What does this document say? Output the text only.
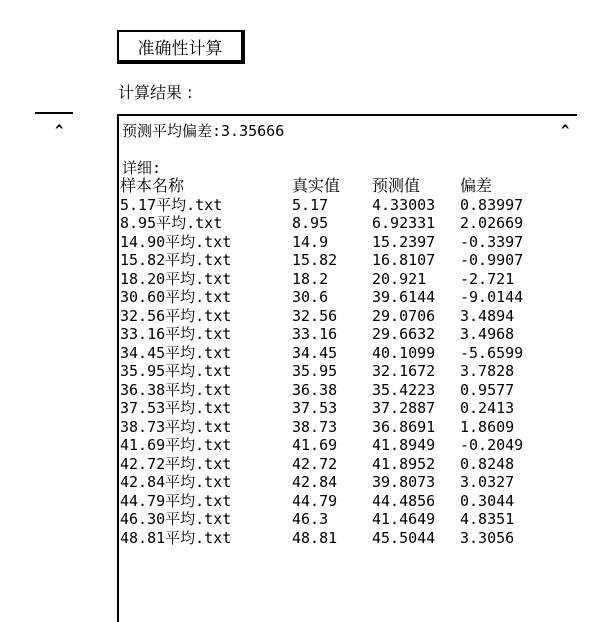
准确性计算
计算结果 :
^	预测平均偏差:3.35666
详细:
样本名称	真实值	预测值	偏差
5.17平均.txt	5.17	4.33003	0.83997
8.95平均.txt	8.95	6.92331	2.02669
14.90平均.txt	14.9	15.2397	-0.3397
15.82平均.txt	15.82	16.8107	-0.9907
18.20平均.txt	18.2	20.921	-2.721
30.60平均.txt	30.6	39.6144	-9.0144
32.56平均.txt	32.56	29.0706	3.4894
33.16平均.txt	33.16	29.6632	3.4968
34.45平均.txt	34.45	40.1099	-5.6599
35.95平均.txt	35.95	32.1672	3.7828
36.38平均.txt	36.38	35.4223	0.9577
37.53平均.txt	37.53	37.2887	0.2413
38.73平均.txt	38.73	36.8691	1.8609
41.69平均.txt	41.69	41.8949	-0.2049
42.72平均.txt	42.72	41.8952	0.8248
42.84平均.txt	42.84	39.8073	3.0327
44.79平均.txt	44.79	44.4856	0.3044
46.30平均.txt	46.3	41.4649	4.8351
48.81平均.txt	48.81	45.5044	3.3056
^
